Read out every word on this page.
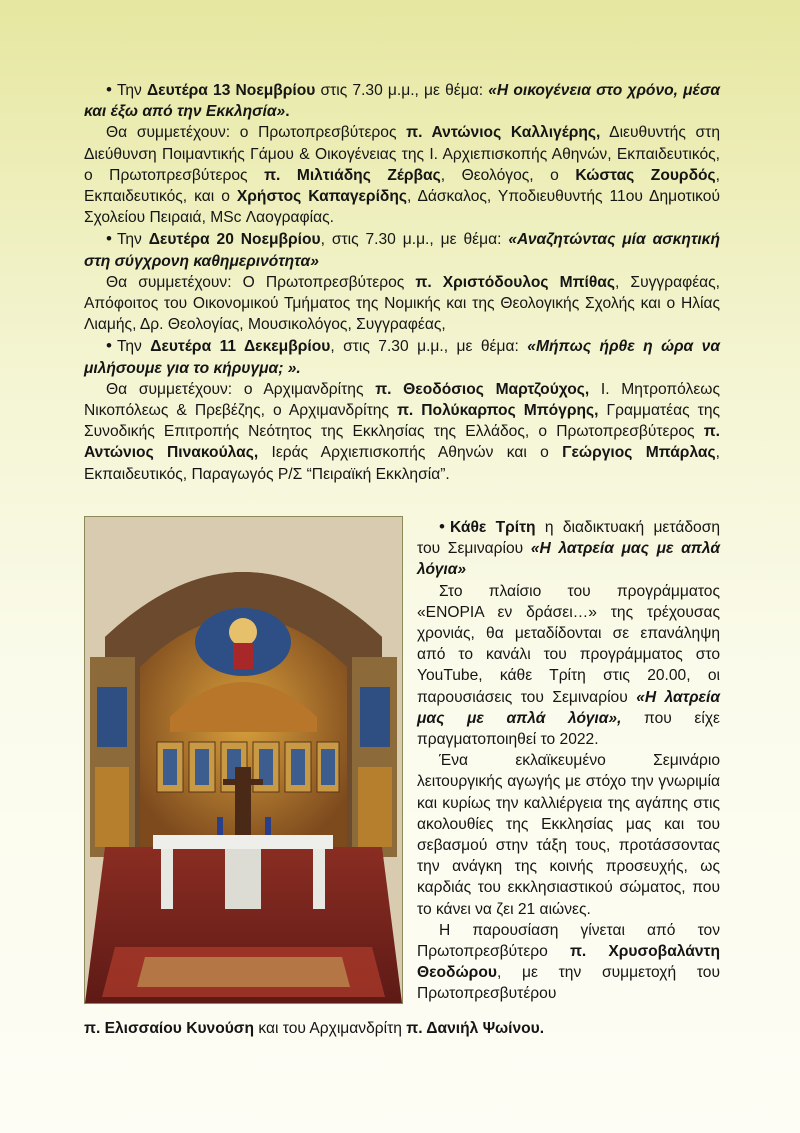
• Την Δευτέρα 13 Νοεμβρίου στις 7.30 μ.μ., με θέμα: «Η οικογένεια στο χρόνο, μέσα και έξω από την Εκκλησία».

Θα συμμετέχουν: ο Πρωτοπρεσβύτερος π. Αντώνιος Καλλιγέρης, Διευθυντής στη Διεύθυνση Ποιμαντικής Γάμου & Οικογένειας της Ι. Αρχιεπισκοπής Αθηνών, Εκπαιδευτικός, ο Πρωτοπρεσβύτερος π. Μιλτιάδης Ζέρβας, Θεολόγος, ο Κώστας Ζουρδός, Εκπαιδευτικός, και ο Χρήστος Καπαγερίδης, Δάσκαλος, Υποδιευθυντής 11ου Δημοτικού Σχολείου Πειραιά, MSc Λαογραφίας.

• Την Δευτέρα 20 Νοεμβρίου, στις 7.30 μ.μ., με θέμα: «Αναζητώντας μία ασκητική στη σύγχρονη καθημερινότητα»

Θα συμμετέχουν: Ο Πρωτοπρεσβύτερος π. Χριστόδουλος Μπίθας, Συγγραφέας, Απόφοιτος του Οικονομικού Τμήματος της Νομικής και της Θεολογικής Σχολής και ο Ηλίας Λιαμής, Δρ. Θεολογίας, Μουσικολόγος, Συγγραφέας,

• Την Δευτέρα 11 Δεκεμβρίου, στις 7.30 μ.μ., με θέμα: «Μήπως ήρθε η ώρα να μιλήσουμε για το κήρυγμα; ».

Θα συμμετέχουν: ο Αρχιμανδρίτης π. Θεοδόσιος Μαρτζούχος, Ι. Μητροπόλεως Νικοπόλεως & Πρεβέζης, ο Αρχιμανδρίτης π. Πολύκαρπος Μπόγρης, Γραμματέας της Συνοδικής Επιτροπής Νεότητος της Εκκλησίας της Ελλάδος, ο Πρωτοπρεσβύτερος π. Αντώνιος Πινακούλας, Ιεράς Αρχιεπισκοπής Αθηνών και ο Γεώργιος Μπάρλας, Εκπαιδευτικός, Παραγωγός Ρ/Σ “Πειραϊκή Εκκλησία”.

• Κάθε Τρίτη η διαδικτυακή μετάδοση του Σεμιναρίου «Η λατρεία μας με απλά λόγια»

Στο πλαίσιο του προγράμματος «ΕΝΟΡΙΑ εν δράσει…» της τρέχουσας χρονιάς, θα μεταδίδονται σε επανάληψη από το κανάλι του προγράμματος στο YouTube, κάθε Τρίτη στις 20.00, οι παρουσιάσεις του Σεμιναρίου «Η λατρεία μας με απλά λόγια», που είχε πραγματοποιηθεί το 2022.

Ένα εκλαϊκευμένο Σεμινάριο λειτουργικής αγωγής με στόχο την γνωριμία και κυρίως την καλλιέργεια της αγάπης στις ακολουθίες της Εκκλησίας μας και του σεβασμού στην τάξη τους, προτάσσοντας την ανάγκη της κοινής προσευχής, ως καρδιάς του εκκλησιαστικού σώματος, που το κάνει να ζει 21 αιώνες.

Η παρουσίαση γίνεται από τον Πρωτοπρεσβύτερο π. Χρυσοβαλάντη Θεοδώρου, με την συμμετοχή του Πρωτοπρεσβυτέρου

π. Ελισσαίου Κυνούση και του Αρχιμανδρίτη π. Δανιήλ Ψωίνου.
